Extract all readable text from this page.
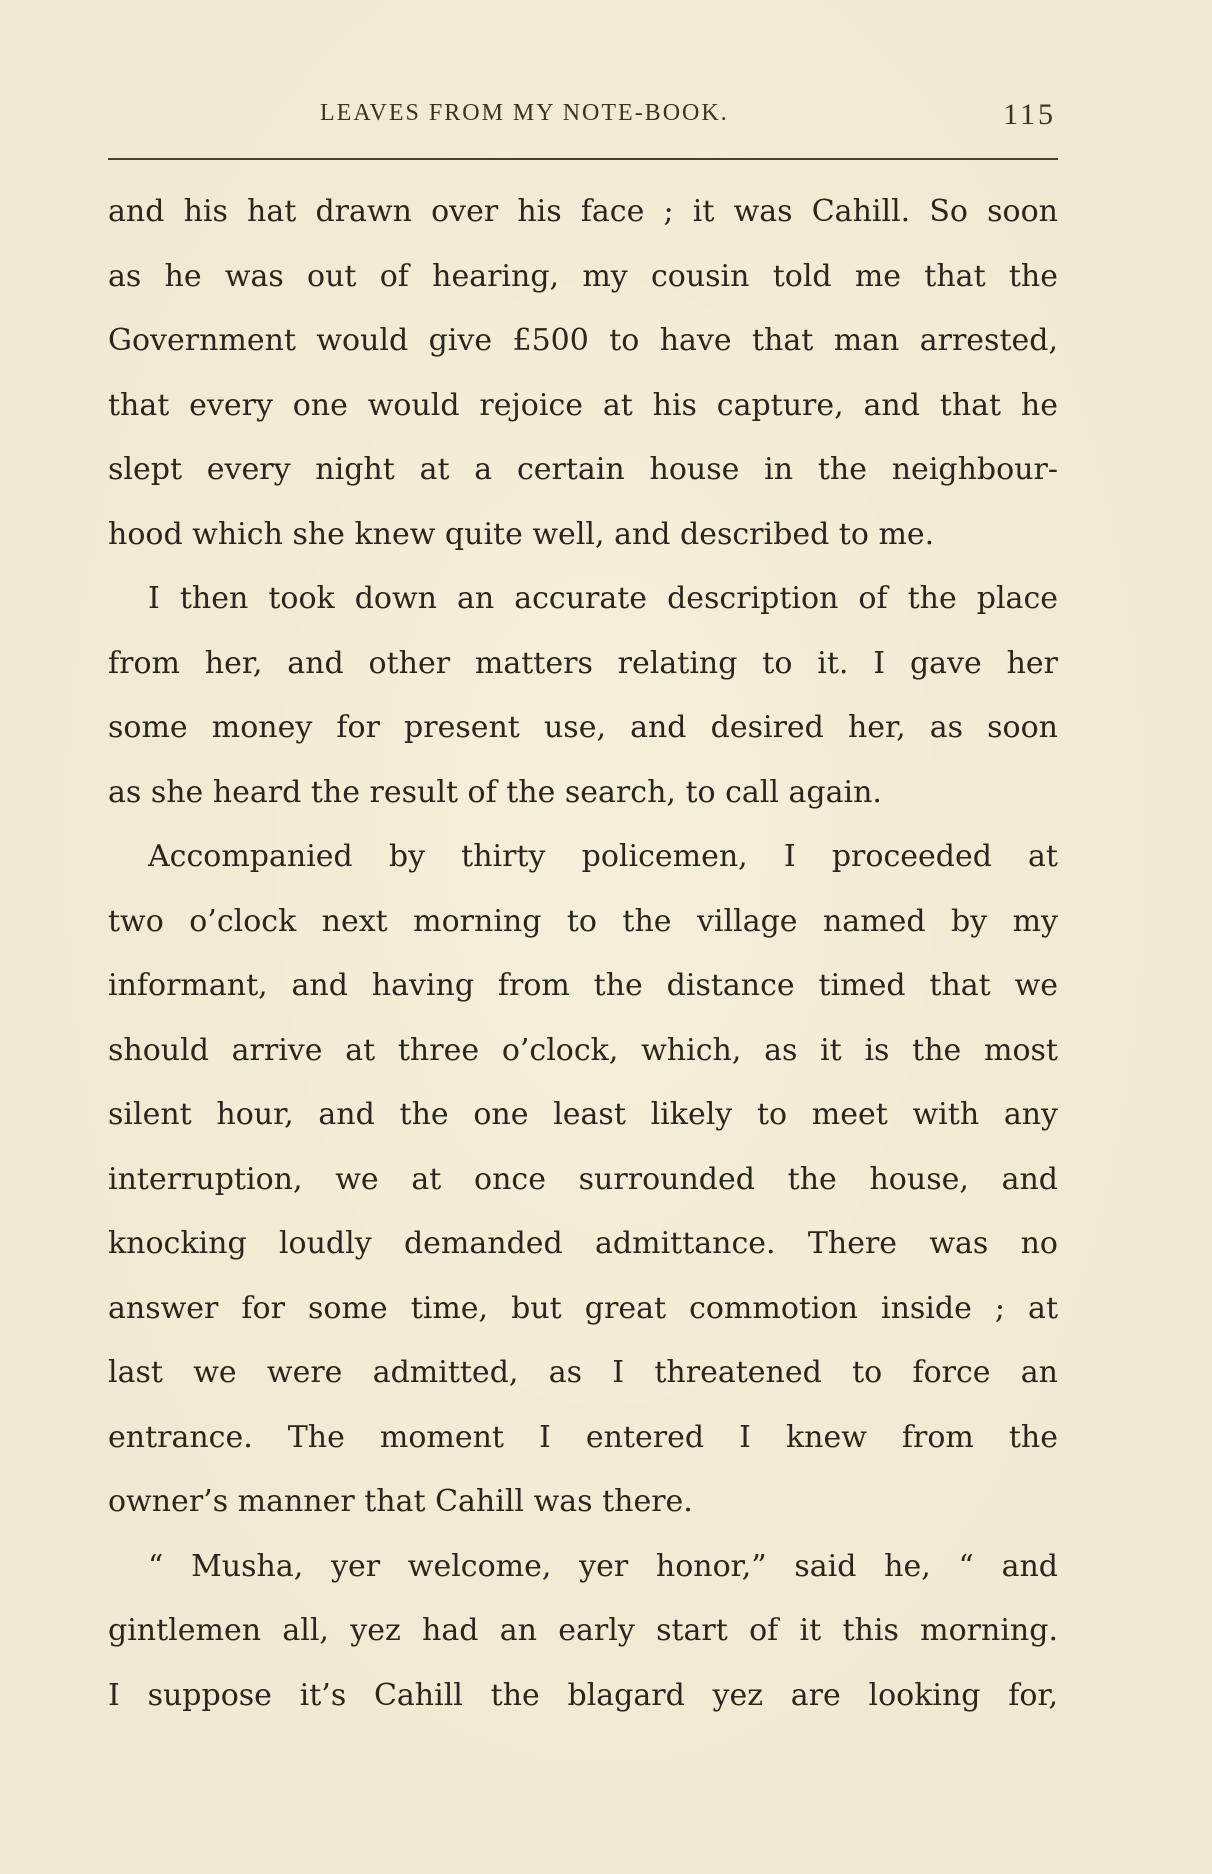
LEAVES FROM MY NOTE-BOOK.	115
and his hat drawn over his face ; it was Cahill. So soon
as he was out of hearing, my cousin told me that the
Government would give £500 to have that man arrested,
that every one would rejoice at his capture, and that he
slept every night at a certain house in the neighbour-
hood which she knew quite well, and described to me.
I then took down an accurate description of the place
from her, and other matters relating to it. I gave her
some money for present use, and desired her, as soon
as she heard the result of the search, to call again.
Accompanied by thirty policemen, I proceeded at
two o’clock next morning to the village named by my
informant, and having from the distance timed that we
should arrive at three o’clock, which, as it is the most
silent hour, and the one least likely to meet with any
interruption, we at once surrounded the house, and
knocking loudly demanded admittance. There was no
answer for some time, but great commotion inside ; at
last we were admitted, as I threatened to force an
entrance. The moment I entered I knew from the
owner’s manner that Cahill was there.
“ Musha, yer welcome, yer honor,” said he, “ and
gintlemen all, yez had an early start of it this morning.
I suppose it’s Cahill the blagard yez are looking for,
